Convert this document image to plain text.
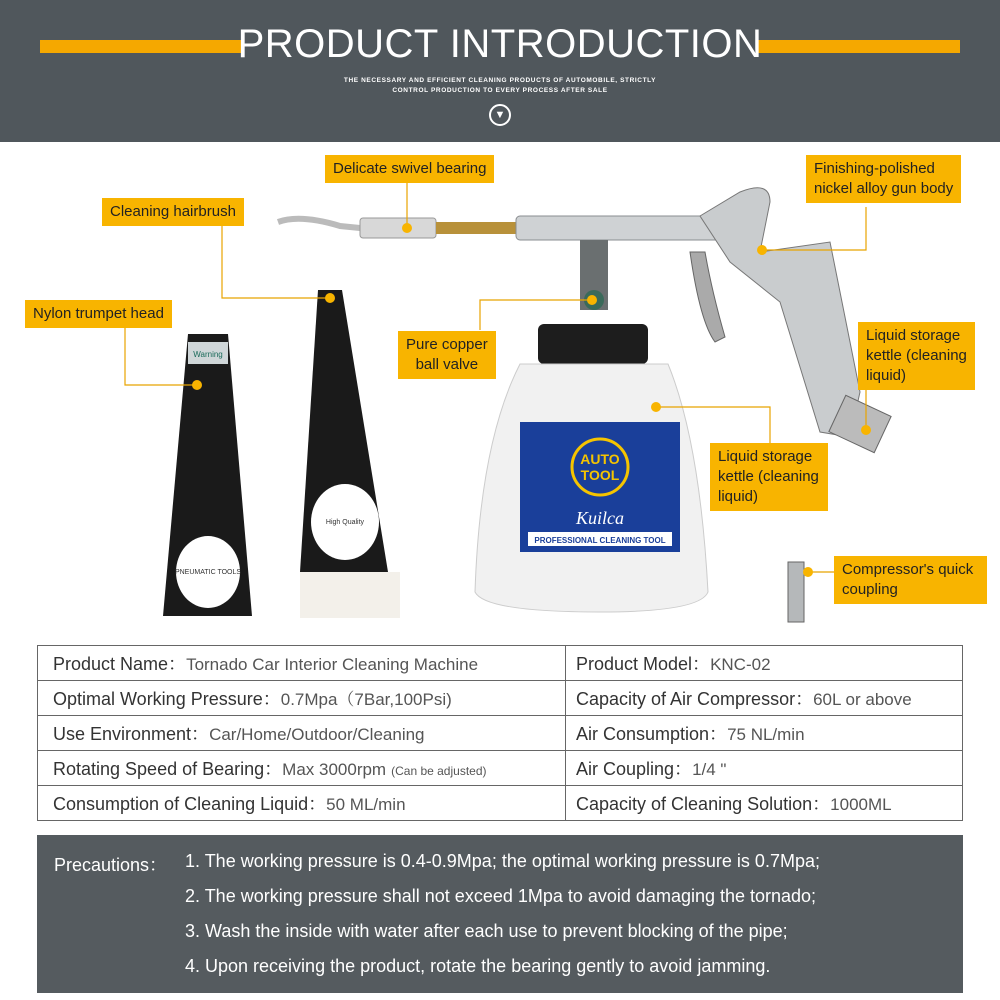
PRODUCT INTRODUCTION
THE NECESSARY AND EFFICIENT CLEANING PRODUCTS OF AUTOMOBILE, STRICTLY
CONTROL PRODUCTION TO EVERY PROCESS AFTER SALE
▼
AUTO
TOOL
Kuilca
PROFESSIONAL CLEANING TOOL
Warning
PNEUMATIC TOOLS
High Quality
Delicate swivel bearing
Cleaning hairbrush
Nylon trumpet head
Pure copper
ball valve
Finishing-polished
nickel alloy gun body
Liquid storage
kettle (cleaning
liquid)
Liquid storage
kettle (cleaning
liquid)
Compressor's quick
coupling
Product Name：Tornado Car Interior Cleaning Machine	Product Model：KNC-02
Optimal Working Pressure：0.7Mpa（7Bar,100Psi)	Capacity of Air Compressor：60L or above
Use Environment：Car/Home/Outdoor/Cleaning	Air Consumption：75 NL/min
Rotating Speed of Bearing：Max 3000rpm (Can be adjusted)	Air Coupling：1/4 "
Consumption of Cleaning Liquid：50 ML/min	Capacity of Cleaning Solution：1000ML
Precautions： 1. The working pressure is 0.4-0.9Mpa; the optimal working pressure is 0.7Mpa;
2. The working pressure shall not exceed 1Mpa to avoid damaging the tornado;
3. Wash the inside with water after each use to prevent blocking of the pipe;
4. Upon receiving the product, rotate the bearing gently to avoid jamming.
